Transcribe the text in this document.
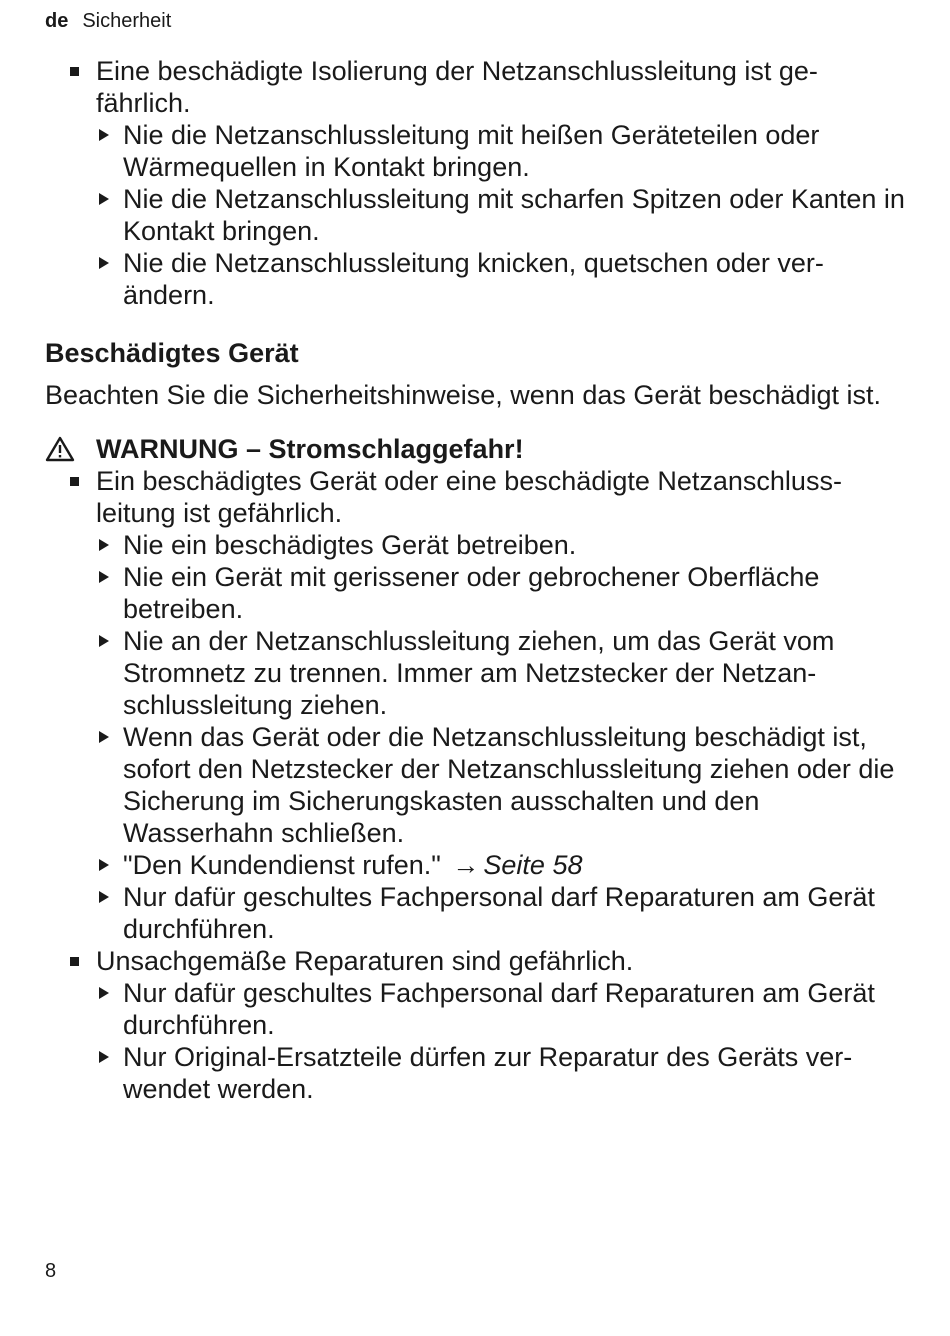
de Sicherheit
Eine beschädigte Isolierung der Netzanschlussleitung ist ge-
fährlich.
Nie die Netzanschlussleitung mit heißen Geräteteilen oder Wärmequellen in Kontakt bringen.
Nie die Netzanschlussleitung mit scharfen Spitzen oder Kanten in Kontakt bringen.
Nie die Netzanschlussleitung knicken, quetschen oder ver-
ändern.
Beschädigtes Gerät

Beachten Sie die Sicherheitshinweise, wenn das Gerät beschädigt ist.

WARNUNG – Stromschlaggefahr!
Ein beschädigtes Gerät oder eine beschädigte Netzanschluss-
leitung ist gefährlich.
Nie ein beschädigtes Gerät betreiben.
Nie ein Gerät mit gerissener oder gebrochener Oberfläche betreiben.
Nie an der Netzanschlussleitung ziehen, um das Gerät vom Stromnetz zu trennen. Immer am Netzstecker der Netzan-
schlussleitung ziehen.
Wenn das Gerät oder die Netzanschlussleitung beschädigt ist, sofort den Netzstecker der Netzanschlussleitung ziehen oder die Sicherung im Sicherungskasten ausschalten und den Wasserhahn schließen.
"Den Kundendienst rufen." → Seite 58
Nur dafür geschultes Fachpersonal darf Reparaturen am Gerät durchführen.
Unsachgemäße Reparaturen sind gefährlich.
Nur dafür geschultes Fachpersonal darf Reparaturen am Gerät durchführen.
Nur Original-Ersatzteile dürfen zur Reparatur des Geräts ver-
wendet werden.
8
